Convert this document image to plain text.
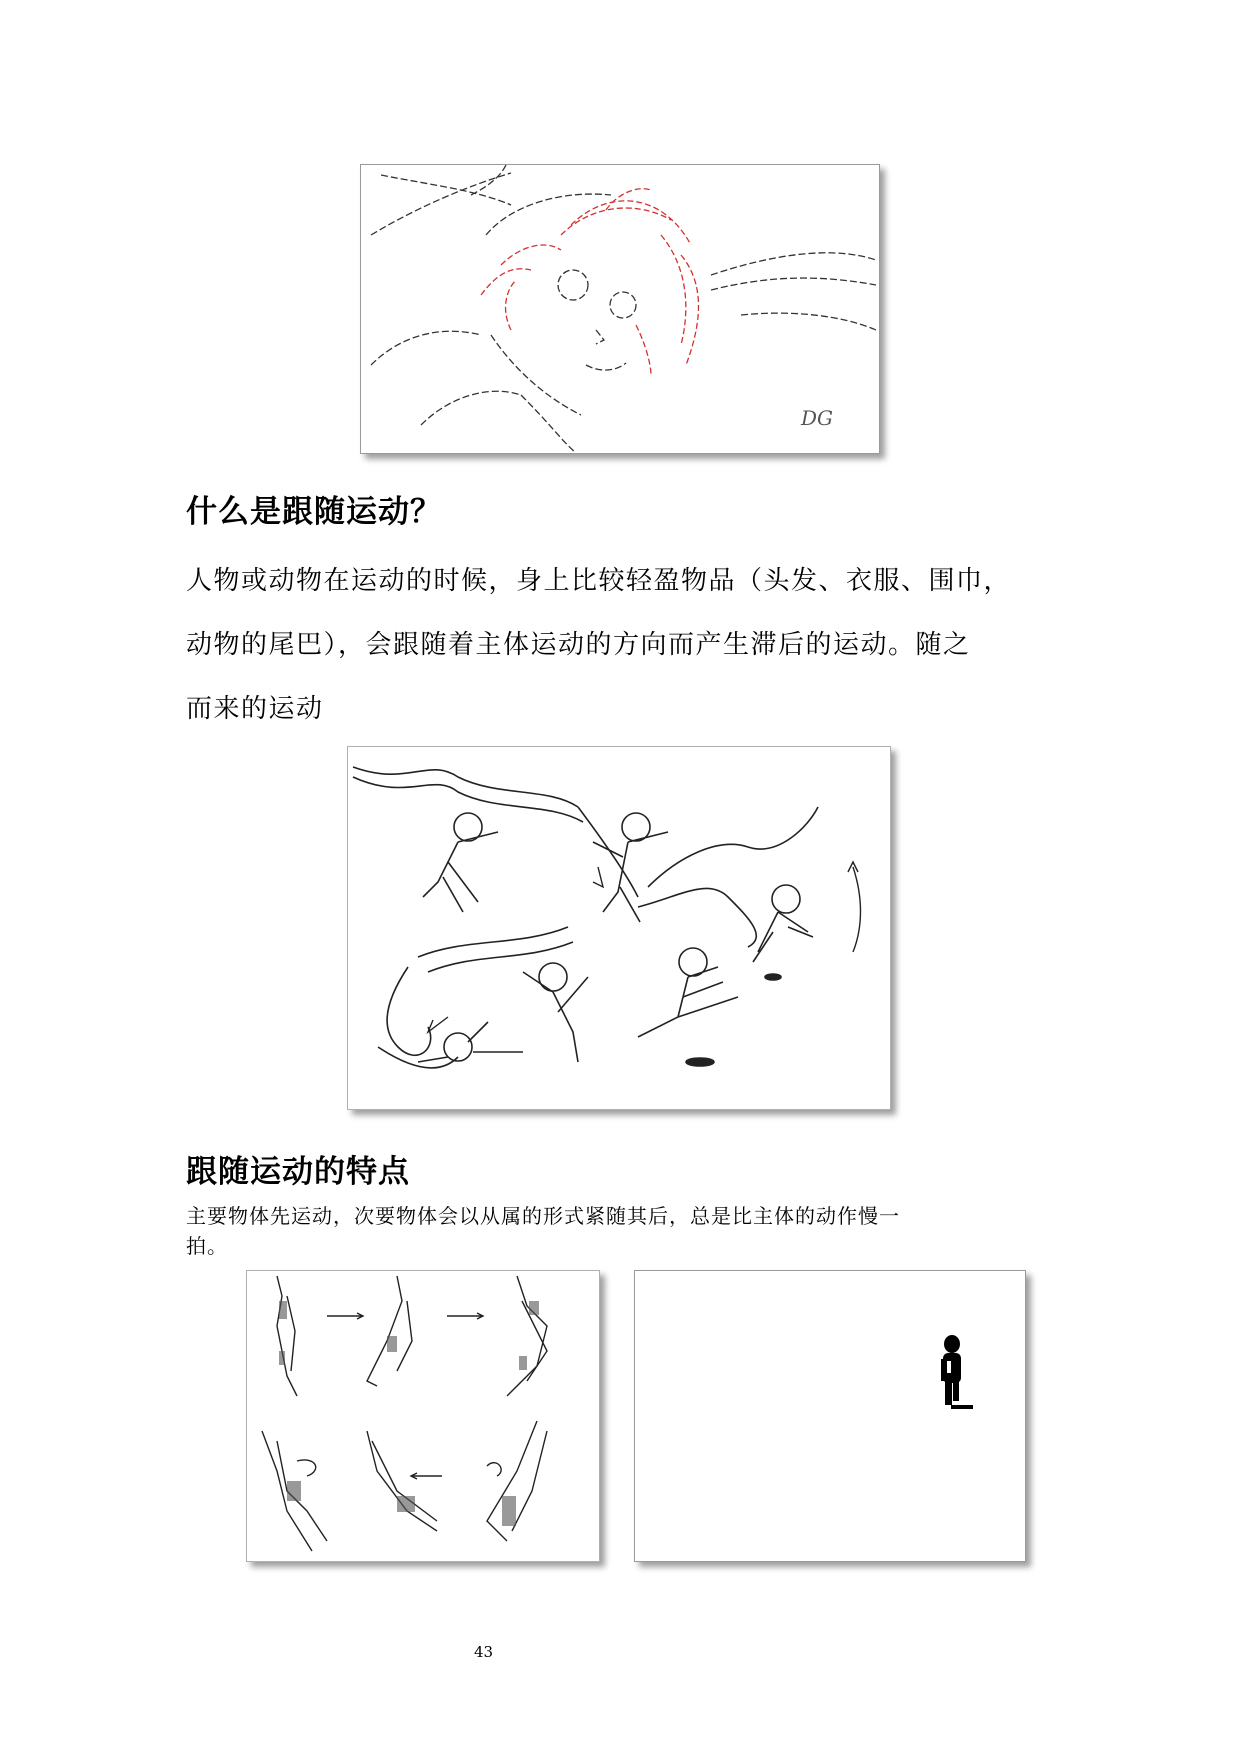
DG
什么是跟随运动？
人物或动物在运动的时候，身上比较轻盈物品（头发、衣服、围巾，
动物的尾巴），会跟随着主体运动的方向而产生滞后的运动。随之
而来的运动
跟随运动的特点
主要物体先运动，次要物体会以从属的形式紧随其后，总是比主体的动作慢一
拍。
43
